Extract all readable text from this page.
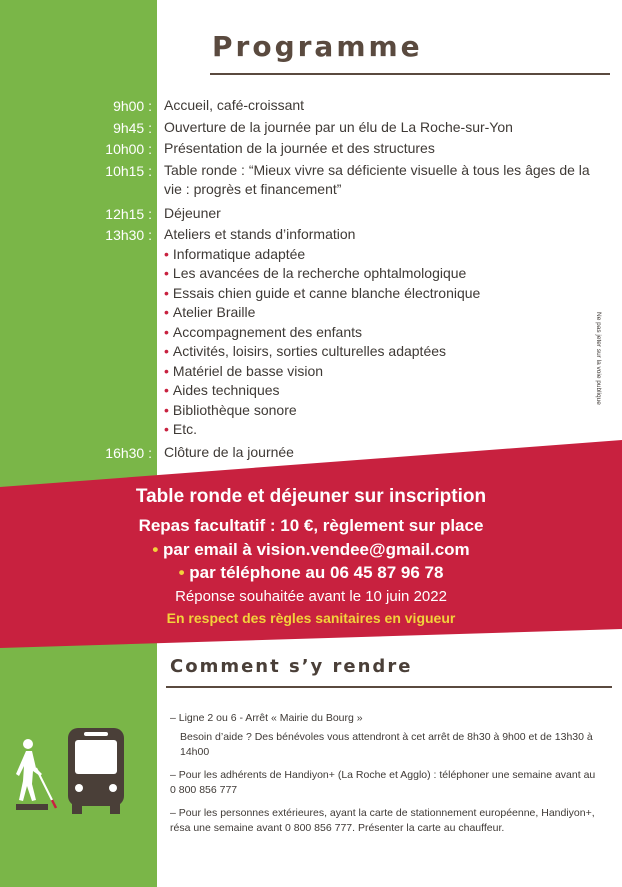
Programme
9h00 : Accueil, café-croissant
9h45 : Ouverture de la journée par un élu de La Roche-sur-Yon
10h00 : Présentation de la journée et des structures
10h15 : Table ronde : “Mieux vivre sa déficiente visuelle à tous les âges de la vie : progrès et financement”
12h15 : Déjeuner
13h30 : Ateliers et stands d’information
• Informatique adaptée
• Les avancées de la recherche ophtalmologique
• Essais chien guide et canne blanche électronique
• Atelier Braille
• Accompagnement des enfants
• Activités, loisirs, sorties culturelles adaptées
• Matériel de basse vision
• Aides techniques
• Bibliothèque sonore
• Etc.
16h30 : Clôture de la journée
Ne pas jeter sur la voie publique
Table ronde et déjeuner sur inscription
Repas facultatif : 10 €, règlement sur place
• par email à vision.vendee@gmail.com
• par téléphone au 06 45 87 96 78
Réponse souhaitée avant le 10 juin 2022
En respect des règles sanitaires en vigueur
Comment s’y rendre

– Ligne 2 ou 6 - Arrêt « Mairie du Bourg »

Besoin d’aide ? Des bénévoles vous attendront à cet arrêt de 8h30 à 9h00 et de 13h30 à 14h00

– Pour les adhérents de Handiyon+ (La Roche et Agglo) : téléphoner une semaine avant au 0 800 856 777

– Pour les personnes extérieures, ayant la carte de stationnement européenne, Handiyon+, résa une semaine avant 0 800 856 777. Présenter la carte au chauffeur.
